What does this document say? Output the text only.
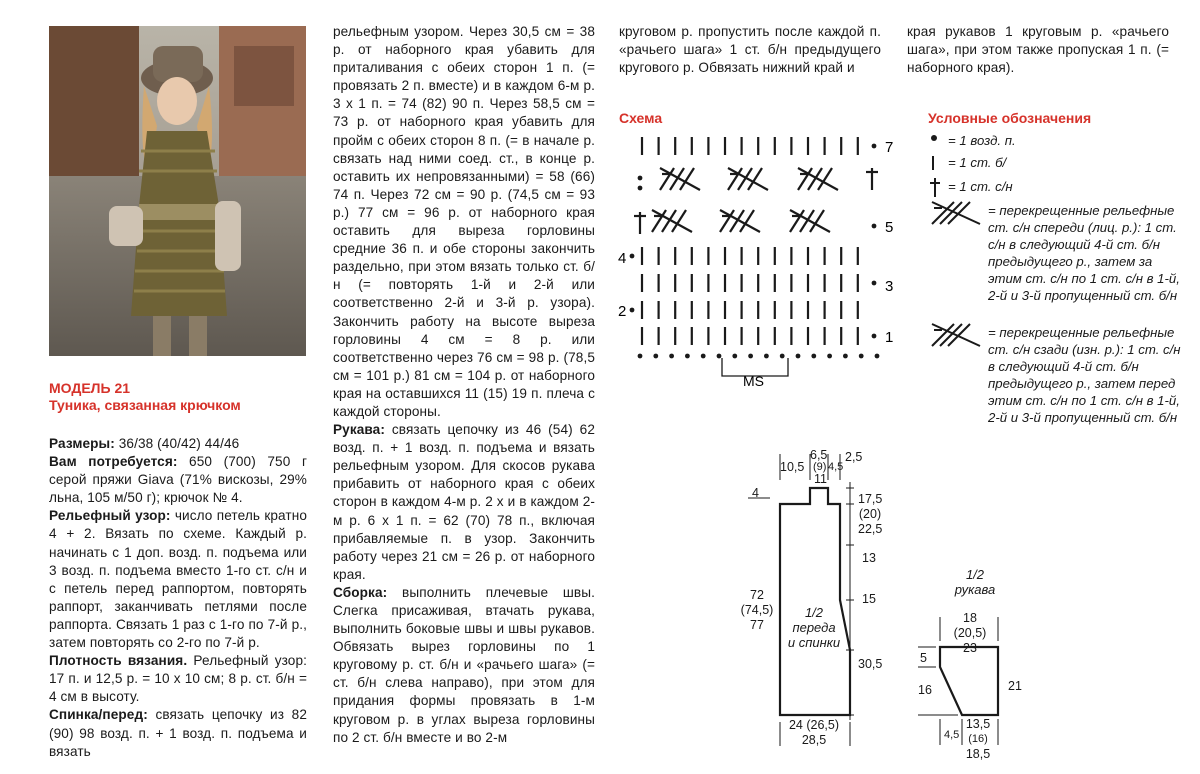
МОДЕЛЬ 21
Туника, связанная крючком

Размеры: 36/38 (40/42) 44/46

Вам потребуется: 650 (700) 750 г серой пряжи Giava (71% вискозы, 29% льна, 105 м/50 г); крючок № 4.

Рельефный узор: число петель кратно 4 + 2. Вязать по схеме. Каждый р. начинать с 1 доп. возд. п. подъема или 3 возд. п. подъема вместо 1-го ст. с/н и с петель перед раппортом, повторять раппорт, заканчивать петлями после раппорта. Связать 1 раз с 1-го по 7-й р., затем повторять со 2-го по 7-й р.

Плотность вязания. Рельефный узор: 17 п. и 12,5 р. = 10 х 10 см; 8 р. ст. б/н = 4 см в высоту.

Спинка/перед: связать цепочку из 82 (90) 98 возд. п. + 1 возд. п. подъема и вязать

рельефным узором. Через 30,5 см = 38 р. от наборного края убавить для приталивания с обеих сторон 1 п. (= провязать 2 п. вместе) и в каждом 6-м р. 3 х 1 п. = 74 (82) 90 п. Через 58,5 см = 73 р. от наборного края убавить для пройм с обеих сторон 8 п. (= в начале р. связать над ними соед. ст., в конце р. оставить их непровязанными) = 58 (66) 74 п. Через 72 см = 90 р. (74,5 см = 93 р.) 77 см = 96 р. от наборного края оставить для выреза горловины средние 36 п. и обе стороны закончить раздельно, при этом вязать только ст. б/н (= повторять 1-й и 2-й или соответственно 2-й и 3-й р. узора). Закончить работу на высоте выреза горловины 4 см = 8 р. или соответственно через 76 см = 98 р. (78,5 см = 101 р.) 81 см = 104 р. от наборного края на оставшихся 11 (15) 19 п. плеча с каждой стороны.

Рукава: связать цепочку из 46 (54) 62 возд. п. + 1 возд. п. подъема и вязать рельефным узором. Для скосов рукава прибавить от наборного края с обеих сторон в каждом 4-м р. 2 х и в каждом 2-м р. 6 х 1 п. = 62 (70) 78 п., включая прибавляемые п. в узор. Закончить работу через 21 см = 26 р. от наборного края.

Сборка: выполнить плечевые швы. Слегка присаживая, втачать рукава, выполнить боковые швы и швы рукавов. Обвязать вырез горловины по 1 круговому р. ст. б/н и «рачьего шага» (= ст. б/н слева направо), при этом для придания формы провязать в 1-м круговом р. в углах выреза горловины по 2 ст. б/н вместе и во 2-м

круговом р. пропустить после каждой п. «рачьего шага» 1 ст. б/н предыдущего кругового р. Обвязать нижний край и

края рукавов 1 круговым р. «рачьего шага», при этом также пропуская 1 п. (= наборного края).

Схема	Условные обозначения
7
5
3
1
4
2
MS
= 1 возд. п.
= 1 ст. б/
= 1 ст. с/н
= перекрещенные рельефные ст. с/н спереди (лиц. р.): 1 ст. с/н в следующий 4-й ст. б/н предыдущего р., затем за этим ст. с/н по 1 ст. с/н в 1-й, 2-й и 3-й пропущенный ст. б/н
= перекрещенные рельефные ст. с/н сзади (изн. р.): 1 ст. с/н в следующий 4-й ст. б/н предыдущего р., затем перед этим ст. с/н по 1 ст. с/н в 1-й, 2-й и 3-й пропущенный ст. б/н
10,5
6,5
(9)
11
4,5
2,5
4	17,5
(20)
22,5
13
15
30,5
72
(74,5)
77
1/2
переда
и спинки
24 (26,5)
28,5
1/2
рукава
18
(20,5)
23
5
16	21
13,5
(16)
18,5
4,5
